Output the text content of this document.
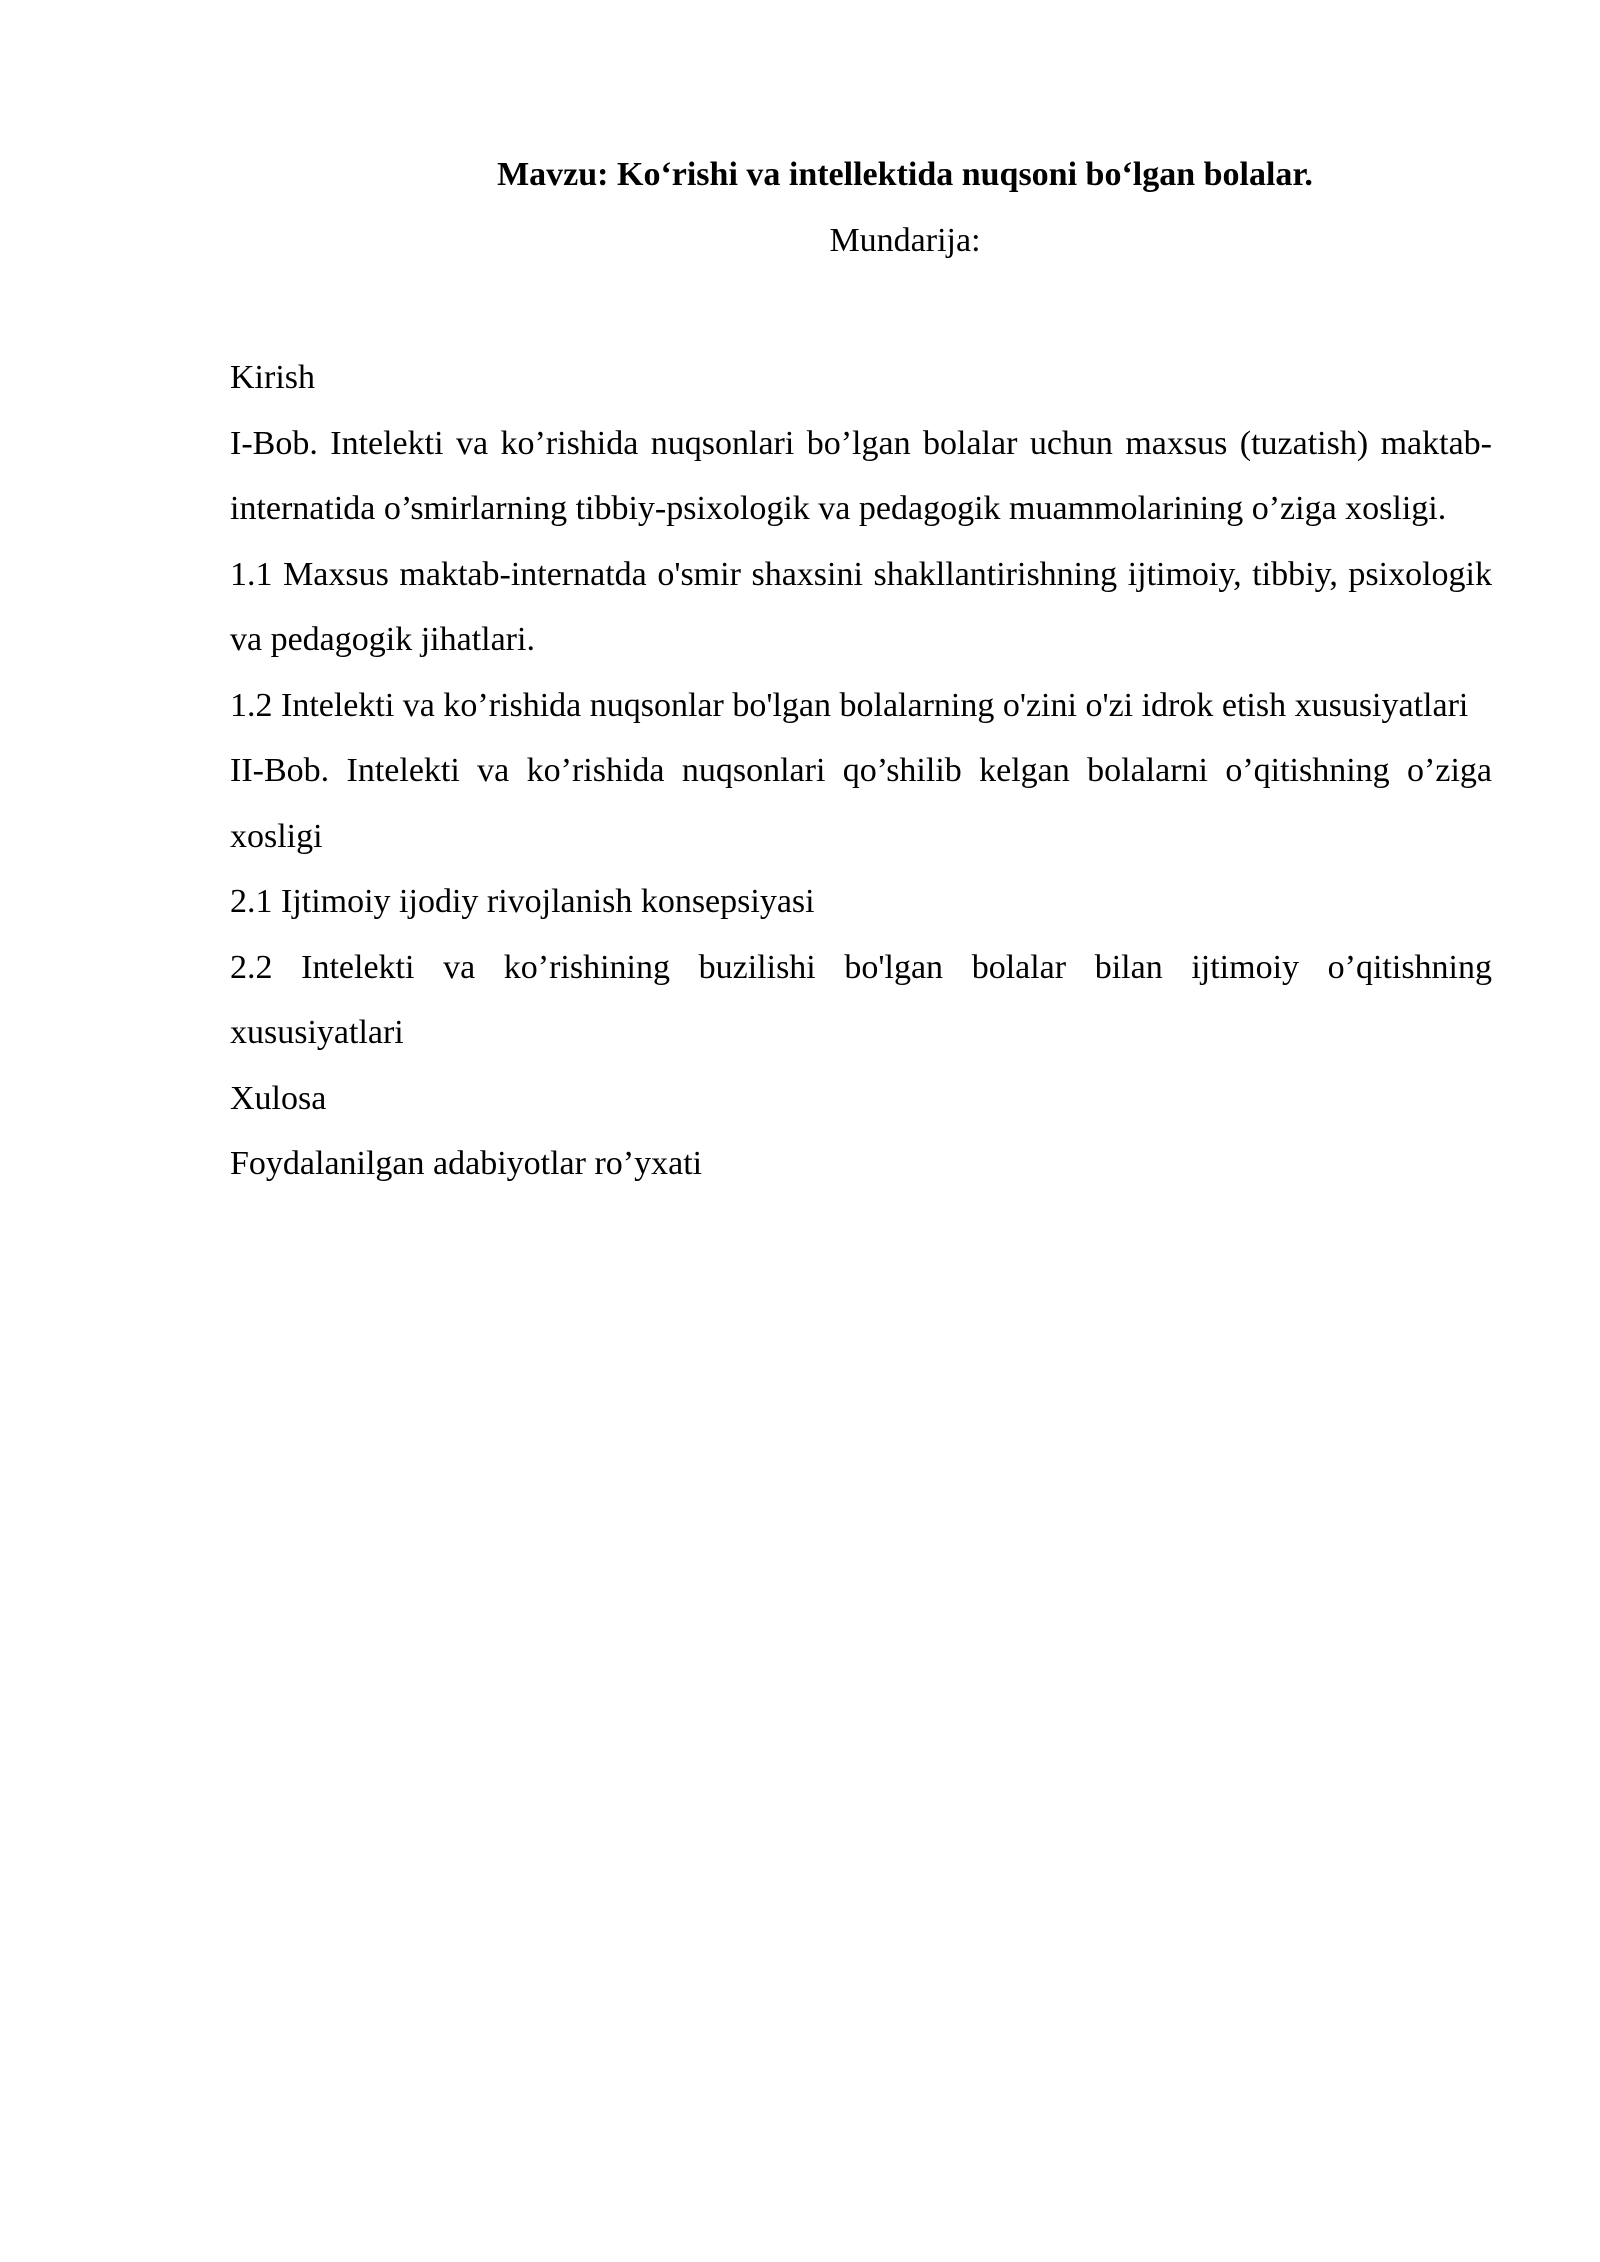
Mavzu: Ko‘rishi va intellektida nuqsoni bo‘lgan bolalar.

Mundarija:

Kirish
I-Bob. Intelekti va ko’rishida nuqsonlari bo’lgan bolalar uchun maxsus (tuzatish) maktab-internatida o’smirlarning tibbiy-psixologik va pedagogik muammolarining o’ziga xosligi.
1.1 Maxsus maktab-internatda o'smir shaxsini shakllantirishning ijtimoiy, tibbiy, psixologik va pedagogik jihatlari.
1.2 Intelekti va ko’rishida nuqsonlar bo'lgan bolalarning o'zini o'zi idrok etish xususiyatlari
II-Bob. Intelekti va ko’rishida nuqsonlari qo’shilib kelgan bolalarni o’qitishning o’ziga xosligi
2.1 Ijtimoiy ijodiy rivojlanish konsepsiyasi
2.2 Intelekti va ko’rishining buzilishi bo'lgan bolalar bilan ijtimoiy o’qitishning xususiyatlari
Xulosa
Foydalanilgan adabiyotlar ro’yxati
